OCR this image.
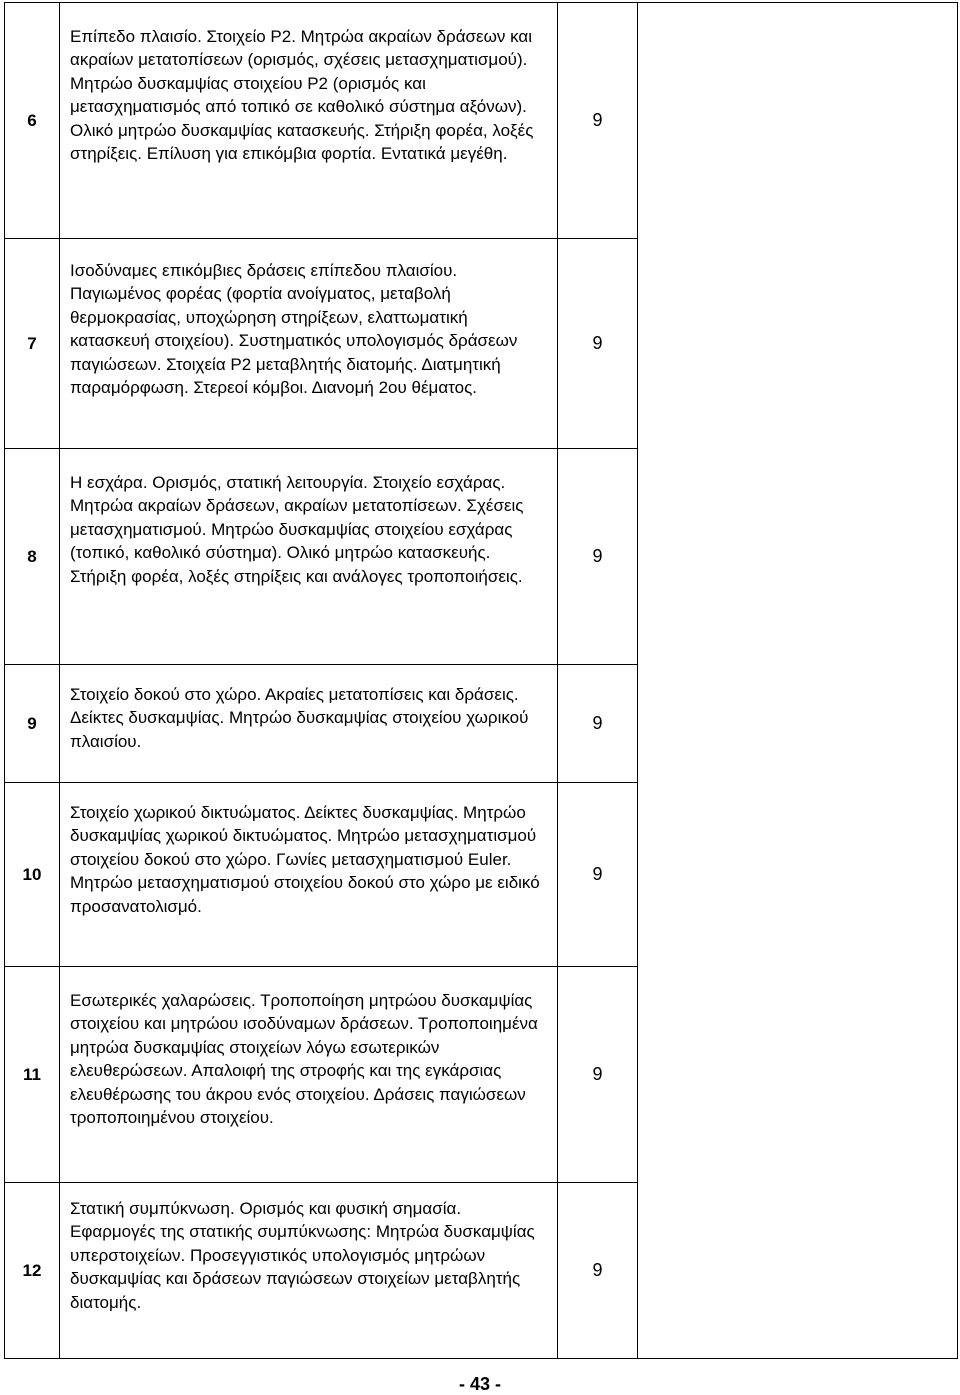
6	Επίπεδο πλαισίο. Στοιχείο Ρ2. Μητρώα ακραίων δράσεων και ακραίων μετατοπίσεων (ορισμός, σχέσεις μετασχηματισμού). Μητρώο δυσκαμψίας στοιχείου Ρ2 (ορισμός και μετασχηματισμός από τοπικό σε καθολικό σύστημα αξόνων). Ολικό μητρώο δυσκαμψίας κατασκευής. Στήριξη φορέα, λοξές στηρίξεις. Επίλυση για επικόμβια φορτία. Εντατικά μεγέθη.	9	
7	Ισοδύναμες επικόμβιες δράσεις επίπεδου πλαισίου. Παγιωμένος φορέας (φορτία ανοίγματος, μεταβολή θερμοκρασίας, υποχώρηση στηρίξεων, ελαττωματική κατασκευή στοιχείου). Συστηματικός υπολογισμός δράσεων παγιώσεων. Στοιχεία Ρ2 μεταβλητής διατομής. Διατμητική παραμόρφωση. Στερεοί κόμβοι. Διανομή 2ου θέματος.	9	
8	Η εσχάρα. Ορισμός, στατική λειτουργία. Στοιχείο εσχάρας. Μητρώα ακραίων δράσεων, ακραίων μετατοπίσεων. Σχέσεις μετασχηματισμού. Μητρώο δυσκαμψίας στοιχείου εσχάρας (τοπικό, καθολικό σύστημα). Ολικό μητρώο κατασκευής. Στήριξη φορέα, λοξές στηρίξεις και ανάλογες τροποποιήσεις.	9	
9	Στοιχείο δοκού στο χώρο. Ακραίες μετατοπίσεις και δράσεις. Δείκτες δυσκαμψίας. Μητρώο δυσκαμψίας στοιχείου χωρικού πλαισίου.	9	
10	Στοιχείο χωρικού δικτυώματος. Δείκτες δυσκαμψίας. Μητρώο δυσκαμψίας χωρικού δικτυώματος. Μητρώο μετασχηματισμού στοιχείου δοκού στο χώρο. Γωνίες μετασχηματισμού Euler. Μητρώο μετασχηματισμού στοιχείου δοκού στο χώρο με ειδικό προσανατολισμό.	9	
11	Εσωτερικές χαλαρώσεις. Τροποποίηση μητρώου δυσκαμψίας στοιχείου και μητρώου ισοδύναμων δράσεων. Τροποποιημένα μητρώα δυσκαμψίας στοιχείων λόγω εσωτερικών ελευθερώσεων. Απαλοιφή της στροφής και της εγκάρσιας ελευθέρωσης του άκρου ενός στοιχείου. Δράσεις παγιώσεων τροποποιημένου στοιχείου.	9	
12	Στατική συμπύκνωση. Ορισμός και φυσική σημασία. Εφαρμογές της στατικής συμπύκνωσης: Μητρώα δυσκαμψίας υπερστοιχείων. Προσεγγιστικός υπολογισμός μητρώων δυσκαμψίας και δράσεων παγιώσεων στοιχείων μεταβλητής διατομής.	9	
- 43 -
